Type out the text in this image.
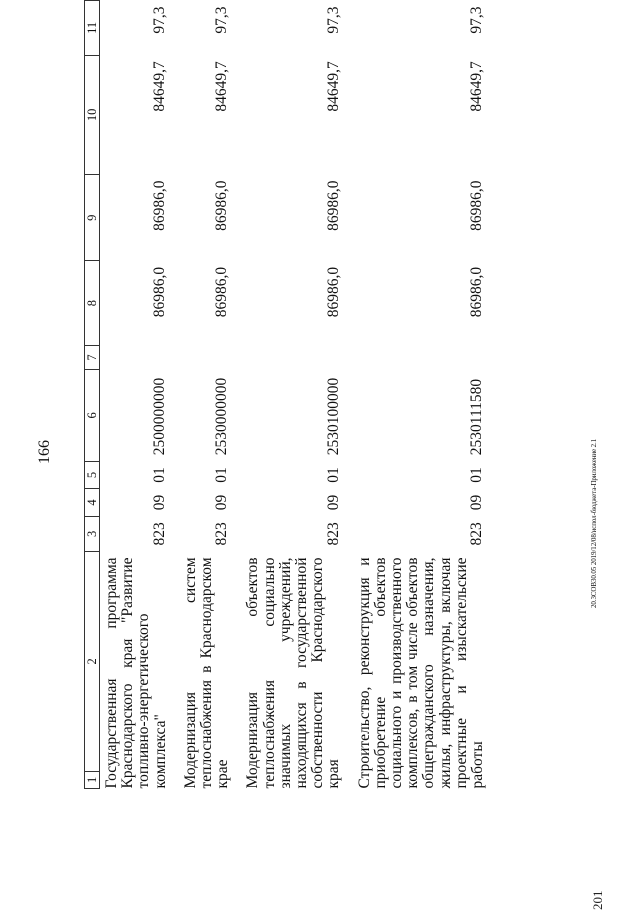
166
1	2	3	4	5	6	7	8	9	10	11
Государственная программа Краснодарского края "Развитие топливно-энергетического комплекса"		823	09	01	2500000000		86986,0	86986,0	84649,7	97,3
Модернизация систем теплоснабжения в Краснодарском крае		823	09	01	2530000000		86986,0	86986,0	84649,7	97,3
Модернизация объектов теплоснабжения социально значимых учреждений, находящихся в государственной собственности Краснодарского края		823	09	01	2530100000		86986,0	86986,0	84649,7	97,3
Строительство, реконструкция и приобретение объектов социального и производственного комплексов, в том числе объектов общегражданского назначения, жилья, инфраструктуры, включая проектные и изыскательские работы		823	09	01	2530111580		86986,0	86986,0	84649,7	97,3
20.3СОВ30.05 2019/12/08/испол-бюджета-Приложение 2.1
201
